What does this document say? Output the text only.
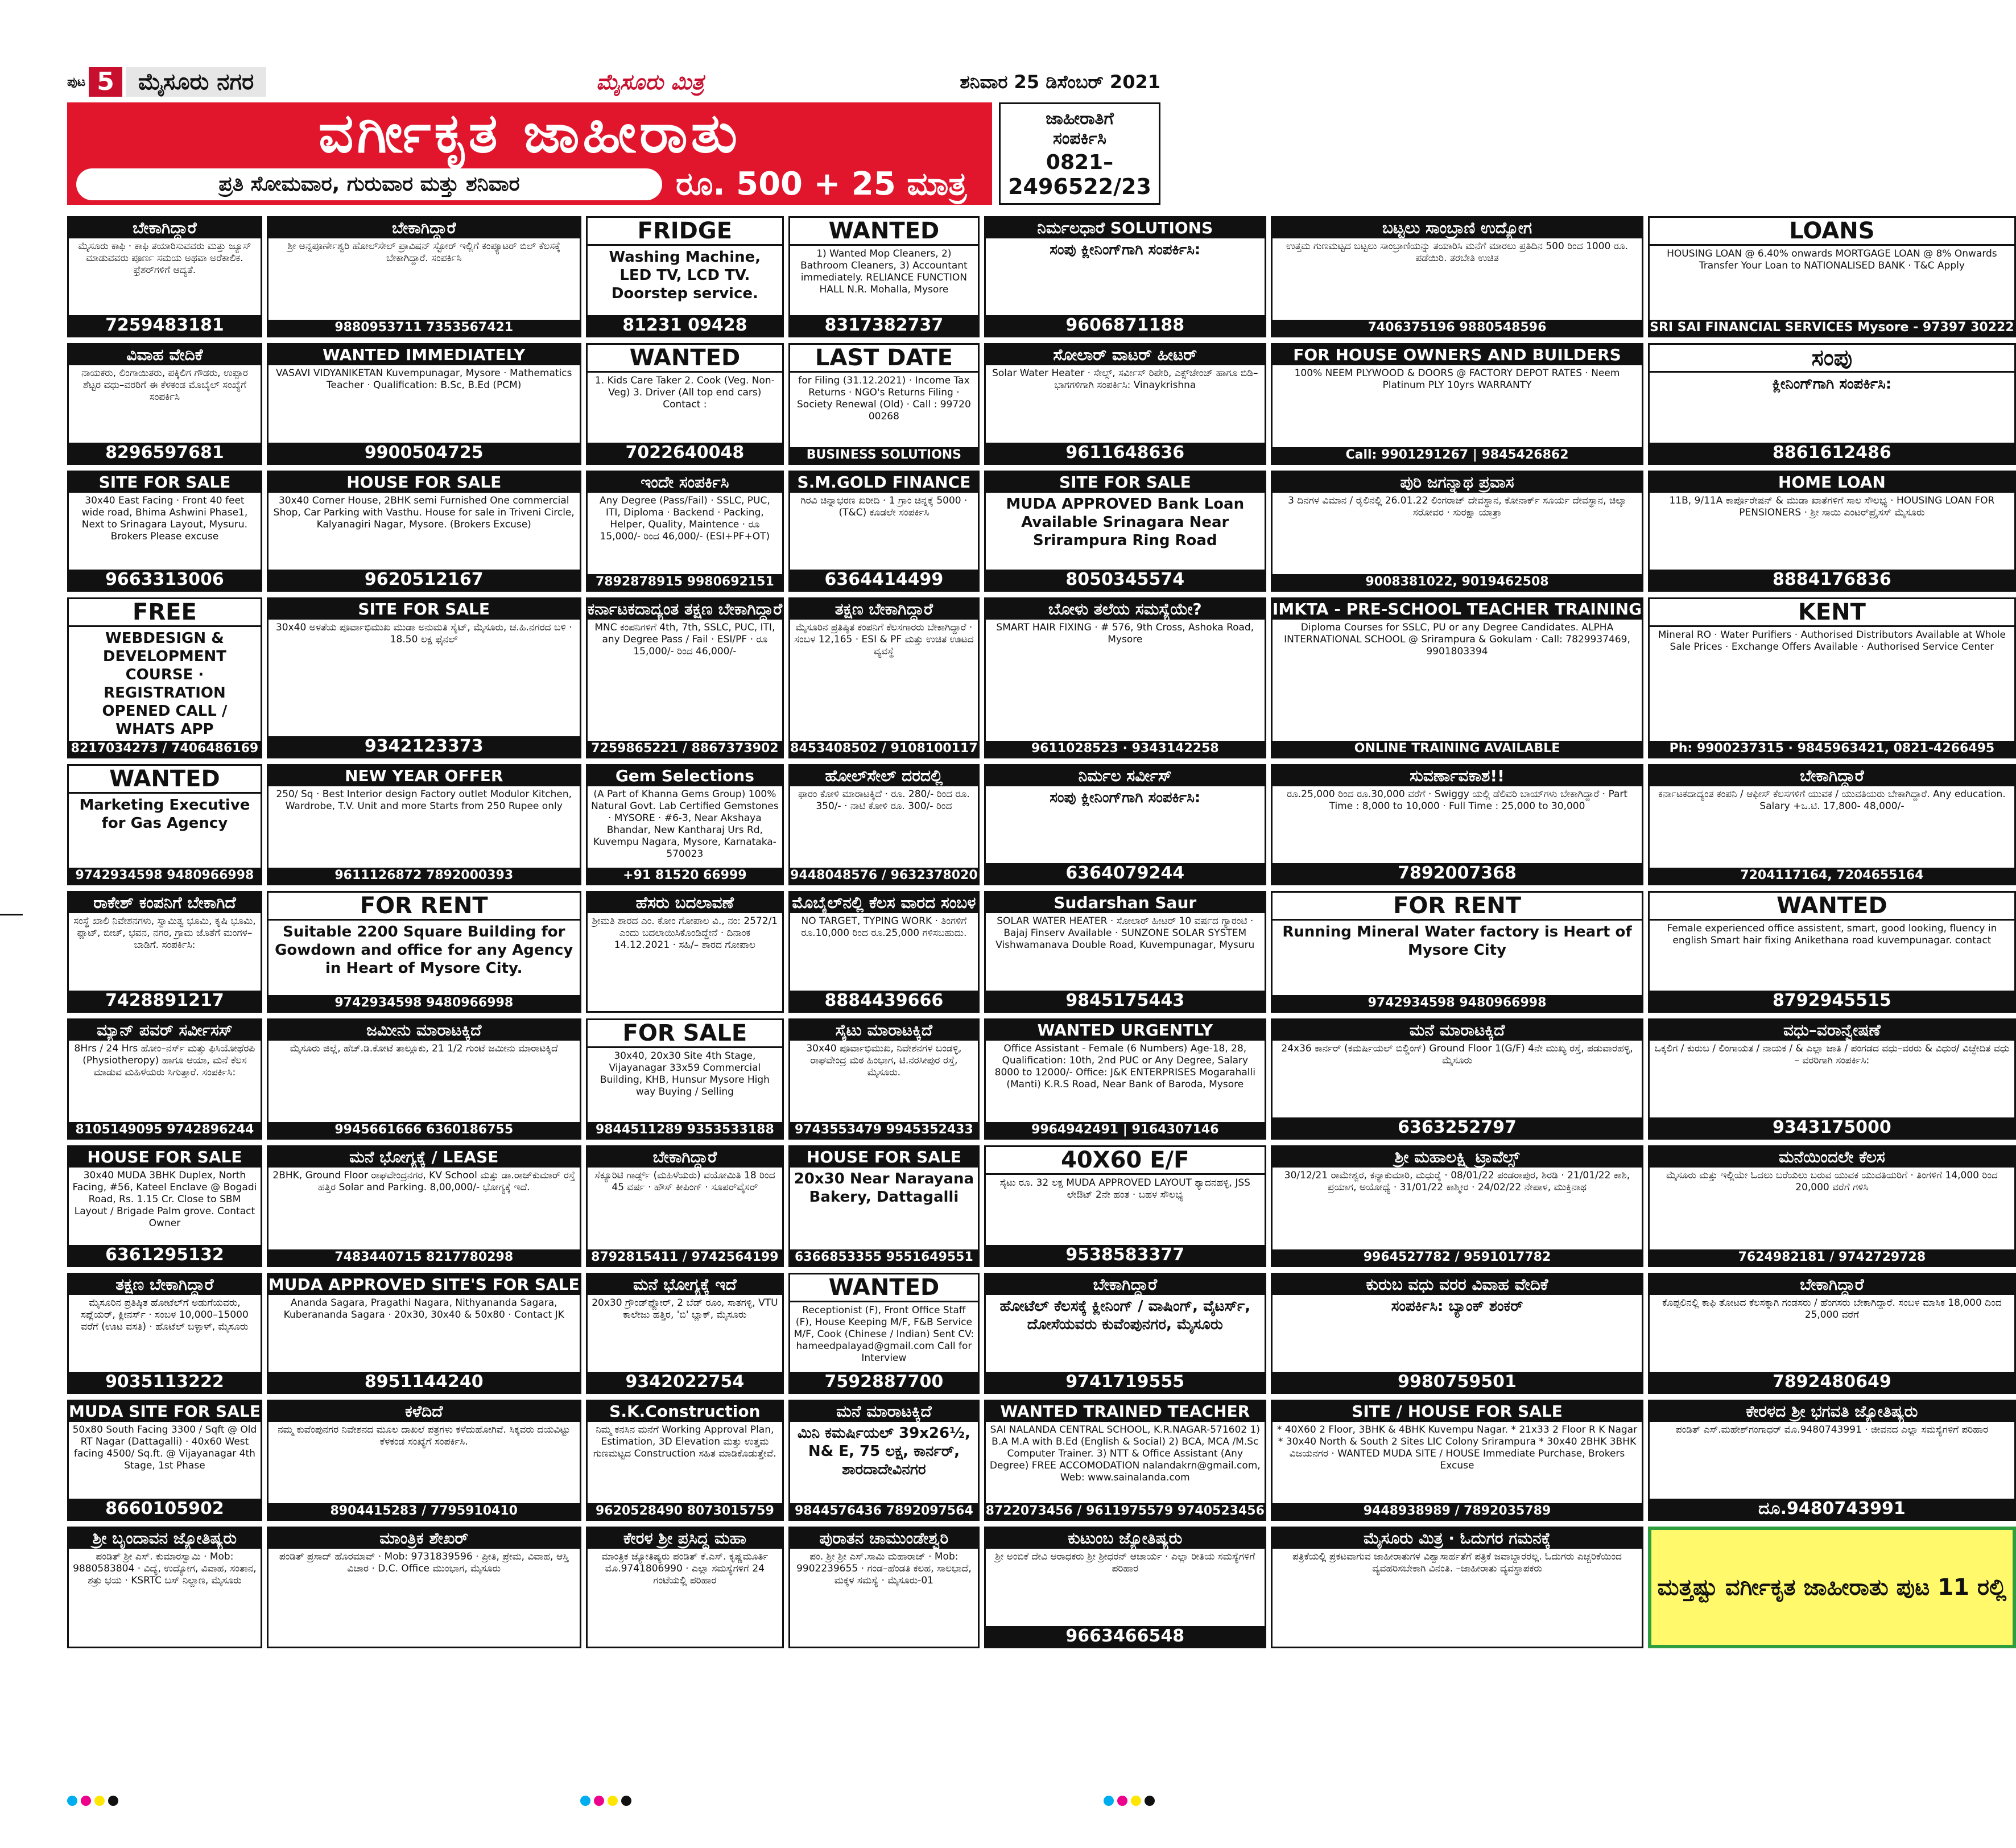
ಪುಟ 5	ಮೈಸೂರು ನಗರ	ಮೈಸೂರು ಮಿತ್ರ	ಶನಿವಾರ 25 ಡಿಸೆಂಬರ್ 2021
ವರ್ಗೀಕೃತ ಜಾಹೀರಾತು
ಪ್ರತಿ ಸೋಮವಾರ, ಗುರುವಾರ ಮತ್ತು ಶನಿವಾರ	ರೂ. 500 + 25 ಮಾತ್ರ
ಜಾಹೀರಾತಿಗೆ
ಸಂಪರ್ಕಿಸಿ
0821–
2496522/23
ಬೇಕಾಗಿದ್ದಾರೆ
ಮೈಸೂರು ಕಾಫಿ · ಕಾಫಿ ತಯಾರಿಸುವವರು ಮತ್ತು ಜ್ಯೂಸ್ ಮಾಡುವವರು ಪೂರ್ಣ ಸಮಯ ಅಥವಾ ಅರೆಕಾಲಿಕ. ಫ್ರೆಶರ್‌ಗಳಿಗೆ ಆದ್ಯತೆ.
7259483181
ಬೇಕಾಗಿದ್ದಾರೆ
ಶ್ರೀ ಅನ್ನಪೂರ್ಣೇಶ್ವರಿ ಹೋಲ್‌ಸೇಲ್ ಪ್ರಾವಿಷನ್ ಸ್ಟೋರ್ ಇಲ್ಲಿಗೆ ಕಂಪ್ಯೂಟರ್ ಬಿಲ್ ಕೆಲಸಕ್ಕೆ ಬೇಕಾಗಿದ್ದಾರೆ. ಸಂಪರ್ಕಿಸಿ
9880953711 7353567421
FRIDGE
Washing Machine, LED TV, LCD TV. Doorstep service.
81231 09428
WANTED
1) Wanted Mop Cleaners, 2) Bathroom Cleaners, 3) Accountant immediately. RELIANCE FUNCTION HALL N.R. Mohalla, Mysore
8317382737
ನಿರ್ಮಲಧಾರೆ SOLUTIONS
ಸಂಪು ಕ್ಲೀನಿಂಗ್‌ಗಾಗಿ ಸಂಪರ್ಕಿಸಿ:
9606871188
ಬಟ್ಟಲು ಸಾಂಬ್ರಾಣಿ ಉದ್ಯೋಗ
ಉತ್ತಮ ಗುಣಮಟ್ಟದ ಬಟ್ಟಲು ಸಾಂಬ್ರಾಣಿಯನ್ನು ತಯಾರಿಸಿ ಮನೆಗೆ ಮಾರಲು ಪ್ರತಿದಿನ 500 ರಿಂದ 1000 ರೂ. ಪಡೆಯಿರಿ. ತರಬೇತಿ ಉಚಿತ
7406375196 9880548596
LOANS
HOUSING LOAN @ 6.40% onwards MORTGAGE LOAN @ 8% Onwards Transfer Your Loan to NATIONALISED BANK · T&C Apply
SRI SAI FINANCIAL SERVICES Mysore - 97397 30222
ವಿವಾಹ ವೇದಿಕೆ
ನಾಯಕರು, ಲಿಂಗಾಯಿತರು, ಪಕ್ಕಿಲಿಗ ಗೌಡರು, ಉಪ್ಪಾರ ಶೆಟ್ಟರ ವಧು–ವರರಿಗೆ ಈ ಕೆಳಕಂಡ ಮೊಬೈಲ್ ಸಂಖ್ಯೆಗೆ ಸಂಪರ್ಕಿಸಿ
8296597681
WANTED IMMEDIATELY
VASAVI VIDYANIKETAN Kuvempunagar, Mysore · Mathematics Teacher · Qualification: B.Sc, B.Ed (PCM)
9900504725
WANTED
1. Kids Care Taker 2. Cook (Veg. Non-Veg) 3. Driver (All top end cars) Contact :
7022640048
LAST DATE
for Filing (31.12.2021) · Income Tax Returns · NGO's Returns Filing · Society Renewal (Old) · Call : 99720 00268
BUSINESS SOLUTIONS
ಸೋಲಾರ್ ವಾಟರ್ ಹೀಟರ್
Solar Water Heater · ಸೇಲ್ಸ್, ಸರ್ವೀಸ್ ರಿಪೇರಿ, ಎಕ್ಸ್‌ಚೇಂಜ್ ಹಾಗೂ ಬಿಡಿ–ಭಾಗಗಳಿಗಾಗಿ ಸಂಪರ್ಕಿಸಿ: Vinaykrishna
9611648636
FOR HOUSE OWNERS AND BUILDERS
100% NEEM PLYWOOD & DOORS @ FACTORY DEPOT RATES · Neem Platinum PLY 10yrs WARRANTY
Call: 9901291267 | 9845426862
ಸಂಪು
ಕ್ಲೀನಿಂಗ್‌ಗಾಗಿ ಸಂಪರ್ಕಿಸಿ:
8861612486
SITE FOR SALE
30x40 East Facing · Front 40 feet wide road, Bhima Ashwini Phase1, Next to Srinagara Layout, Mysuru. Brokers Please excuse
9663313006
HOUSE FOR SALE
30x40 Corner House, 2BHK semi Furnished One commercial Shop, Car Parking with Vasthu. House for sale in Triveni Circle, Kalyanagiri Nagar, Mysore. (Brokers Excuse)
9620512167
ಇಂದೇ ಸಂಪರ್ಕಿಸಿ
Any Degree (Pass/Fail) · SSLC, PUC, ITI, Diploma · Backend · Packing, Helper, Quality, Maintence · ರೂ 15,000/- ರಿಂದ 46,000/- (ESI+PF+OT)
7892878915 9980692151
S.M.GOLD FINANCE
ಗಿರವಿ ಚಿನ್ನಾಭರಣ ಖರೀದಿ · 1 ಗ್ರಾಂ ಚಿನ್ನಕ್ಕೆ 5000 · (T&C) ಕೂಡಲೇ ಸಂಪರ್ಕಿಸಿ
6364414499
SITE FOR SALE
MUDA APPROVED Bank Loan Available Srinagara Near Srirampura Ring Road
8050345574
ಪುರಿ ಜಗನ್ನಾಥ ಪ್ರವಾಸ
3 ದಿನಗಳ ವಿಮಾನ / ರೈಲಿನಲ್ಲಿ 26.01.22 ಲಿಂಗರಾಜ್ ದೇವಸ್ಥಾನ, ಕೋನಾರ್ಕ್ ಸೂರ್ಯ ದೇವಸ್ಥಾನ, ಚಿಲ್ಕಾ ಸರೋವರ · ಸುರಕ್ಷಾ ಯಾತ್ರಾ
9008381022, 9019462508
HOME LOAN
11B, 9/11A ಕಾರ್ಪೊರೇಷನ್ & ಮುಡಾ ಖಾತೆಗಳಿಗೆ ಸಾಲ ಸೌಲಭ್ಯ · HOUSING LOAN FOR PENSIONERS · ಶ್ರೀ ಸಾಯಿ ಎಂಟರ್‌ಪ್ರೈಸಸ್ ಮೈಸೂರು
8884176836
FREE
WEBDESIGN & DEVELOPMENT COURSE · REGISTRATION OPENED CALL / WHATS APP
8217034273 / 7406486169
SITE FOR SALE
30x40 ಅಳತೆಯ ಪೂರ್ವಾಭಿಮುಖ ಮುಡಾ ಅನುಮತಿ ಸೈಟ್, ಮೈಸೂರು, ಚ.ಹಿ.ನಗರದ ಬಳಿ · 18.50 ಲಕ್ಷ ಫೈನಲ್
9342123373
ಕರ್ನಾಟಕದಾದ್ಯಂತ ತಕ್ಷಣ ಬೇಕಾಗಿದ್ದಾರೆ
MNC ಕಂಪನಿಗಳಿಗೆ 4th, 7th, SSLC, PUC, ITI, any Degree Pass / Fail · ESI/PF · ರೂ 15,000/- ರಿಂದ 46,000/-
7259865221 / 8867373902
ತಕ್ಷಣ ಬೇಕಾಗಿದ್ದಾರೆ
ಮೈಸೂರಿನ ಪ್ರತಿಷ್ಠಿತ ಕಂಪನಿಗೆ ಕೆಲಸಗಾರರು ಬೇಕಾಗಿದ್ದಾರೆ · ಸಂಬಳ 12,165 · ESI & PF ಮತ್ತು ಉಚಿತ ಊಟದ ವ್ಯವಸ್ಥೆ
8453408502 / 9108100117
ಬೋಳು ತಲೆಯ ಸಮಸ್ಯೆಯೇ?
SMART HAIR FIXING · # 576, 9th Cross, Ashoka Road, Mysore
9611028523 · 9343142258
IMKTA - PRE-SCHOOL TEACHER TRAINING
Diploma Courses for SSLC, PU or any Degree Candidates. ALPHA INTERNATIONAL SCHOOL @ Srirampura & Gokulam · Call: 7829937469, 9901803394
ONLINE TRAINING AVAILABLE
KENT
Mineral RO · Water Purifiers · Authorised Distributors Available at Whole Sale Prices · Exchange Offers Available · Authorised Service Center
Ph: 9900237315 · 9845963421, 0821-4266495
WANTED
Marketing Executive for Gas Agency
9742934598 9480966998
NEW YEAR OFFER
250/ Sq · Best Interior design Factory outlet Modulor Kitchen, Wardrobe, T.V. Unit and more Starts from 250 Rupee only
9611126872 7892000393
Gem Selections
(A Part of Khanna Gems Group) 100% Natural Govt. Lab Certified Gemstones · MYSORE · #6-3, Near Akshaya Bhandar, New Kantharaj Urs Rd, Kuvempu Nagara, Mysore, Karnataka-570023
+91 81520 66999
ಹೋಲ್‌ಸೇಲ್ ದರದಲ್ಲಿ
ಫಾರಂ ಕೋಳಿ ಮಾರಾಟಕ್ಕಿದೆ · ರೂ. 280/- ರಿಂದ ರೂ. 350/- · ನಾಟಿ ಕೋಳಿ ರೂ. 300/- ರಿಂದ
9448048576 / 9632378020
ನಿರ್ಮಲ ಸರ್ವೀಸ್
ಸಂಪು ಕ್ಲೀನಿಂಗ್‌ಗಾಗಿ ಸಂಪರ್ಕಿಸಿ:
6364079244
ಸುವರ್ಣಾವಕಾಶ!!
ರೂ.25,000 ರಿಂದ ರೂ.30,000 ವರೆಗೆ · Swiggy ಯಲ್ಲಿ ಡೆಲಿವರಿ ಬಾಯ್‌ಗಳು ಬೇಕಾಗಿದ್ದಾರೆ · Part Time : 8,000 to 10,000 · Full Time : 25,000 to 30,000
7892007368
ಬೇಕಾಗಿದ್ದಾರೆ
ಕರ್ನಾಟಕದಾದ್ಯಂತ ಕಂಪನಿ / ಆಫೀಸ್ ಕೆಲಸಗಳಿಗೆ ಯುವಕ / ಯುವತಿಯರು ಬೇಕಾಗಿದ್ದಾರೆ. Any education. Salary +ಒ.ಟಿ. 17,800- 48,000/-
7204117164, 7204655164
ರಾಕೇಶ್ ಕಂಪನಿಗೆ ಬೇಕಾಗಿದೆ
ಸಂಸ್ಥೆ ಖಾಲಿ ನಿವೇಶನಗಳು, ಸ್ವಾಮಿತ್ವ ಭೂಮಿ, ಕೃಷಿ ಭೂಮಿ, ಪ್ಲಾಟ್, ಬೀಚ್, ಭವನ, ನಗರ, ಗ್ರಾಮ ಜೊತೆಗೆ ಮಂಗಳ–ಬಾಡಿಗೆ. ಸಂಪರ್ಕಿಸಿ:
7428891217
FOR RENT
Suitable 2200 Square Building for Gowdown and office for any Agency in Heart of Mysore City.
9742934598 9480966998
ಹೆಸರು ಬದಲಾವಣೆ
ಶ್ರೀಮತಿ ಶಾರದ ಎಂ. ಕೋಂ ಗೋಪಾಲ ವಿ., ನಂ: 2572/1 ಎಂದು ಬದಲಾಯಿಸಿಕೊಂಡಿದ್ದೇನೆ · ದಿನಾಂಕ 14.12.2021 · ಸಹಿ/– ಶಾರದ ಗೋಪಾಲ
ಮೊಬೈಲ್‌ನಲ್ಲಿ ಕೆಲಸ ವಾರದ ಸಂಬಳ
NO TARGET, TYPING WORK · ತಿಂಗಳಿಗೆ ರೂ.10,000 ರಿಂದ ರೂ.25,000 ಗಳಿಸಬಹುದು.
8884439666
Sudarshan Saur
SOLAR WATER HEATER · ಸೋಲಾರ್ ಹೀಟರ್ 10 ವರ್ಷದ ಗ್ಯಾರಂಟಿ · Bajaj Finserv Available · SUNZONE SOLAR SYSTEM Vishwamanava Double Road, Kuvempunagar, Mysuru
9845175443
FOR RENT
Running Mineral Water factory is Heart of Mysore City
9742934598 9480966998
WANTED
Female experienced office assistent, smart, good looking, fluency in english Smart hair fixing Anikethana road kuvempunagar. contact
8792945515
ಮ್ಯಾನ್ ಪವರ್ ಸರ್ವೀಸಸ್
8Hrs / 24 Hrs ಹೋಂ–ನರ್ಸ್ ಮತ್ತು ಫಿಸಿಯೋಥೆರಪಿ (Physiotheropy) ಹಾಗೂ ಆಯಾ, ಮನೆ ಕೆಲಸ ಮಾಡುವ ಮಹಿಳೆಯರು ಸಿಗುತ್ತಾರೆ. ಸಂಪರ್ಕಿಸಿ:
8105149095 9742896244
ಜಮೀನು ಮಾರಾಟಕ್ಕಿದೆ
ಮೈಸೂರು ಜಿಲ್ಲೆ, ಹೆಚ್.ಡಿ.ಕೋಟೆ ತಾಲ್ಲೂಕು, 21 1/2 ಗುಂಟೆ ಜಮೀನು ಮಾರಾಟಕ್ಕಿದೆ
9945661666 6360186755
FOR SALE
30x40, 20x30 Site 4th Stage, Vijayanagar 33x59 Commercial Building, KHB, Hunsur Mysore High way Buying / Selling
9844511289 9353533188
ಸೈಟು ಮಾರಾಟಕ್ಕಿದೆ
30x40 ಪೂರ್ವಾಭಿಮುಖ, ನಿವೇಶನಗಳ ಬಂಡಳ್ಳಿ, ರಾಘವೇಂದ್ರ ಮಠ ಹಿಂಭಾಗ, ಟಿ.ನರಸೀಪುರ ರಸ್ತೆ, ಮೈಸೂರು.
9743553479 9945352433
WANTED URGENTLY
Office Assistant - Female (6 Numbers) Age-18, 28, Qualification: 10th, 2nd PUC or Any Degree, Salary 8000 to 12000/- Office: J&K ENTERPRISES Mogarahalli (Manti) K.R.S Road, Near Bank of Baroda, Mysore
9964942491 | 9164307146
ಮನೆ ಮಾರಾಟಕ್ಕಿದೆ
24x36 ಕಾರ್ನರ್ (ಕಮರ್ಷಿಯಲ್ ಬಿಲ್ಡಿಂಗ್) Ground Floor 1(G/F) 4ನೇ ಮುಖ್ಯ ರಸ್ತೆ, ಪಡುವಾರಹಳ್ಳಿ, ಮೈಸೂರು
6363252797
ವಧು–ವರಾನ್ವೇಷಣೆ
ಒಕ್ಕಲಿಗ / ಕುರುಬ / ಲಿಂಗಾಯತ / ನಾಯಕ / & ಎಲ್ಲಾ ಜಾತಿ / ಪಂಗಡದ ವಧು–ವರರು & ವಿಧುರ/ ವಿಚ್ಛೇದಿತ ವಧು – ವರರಿಗಾಗಿ ಸಂಪರ್ಕಿಸಿ:
9343175000
HOUSE FOR SALE
30x40 MUDA 3BHK Duplex, North Facing, #56, Kateel Enclave @ Bogadi Road, Rs. 1.15 Cr. Close to SBM Layout / Brigade Palm grove. Contact Owner
6361295132
ಮನೆ ಭೋಗ್ಯಕ್ಕೆ / LEASE
2BHK, Ground Floor ರಾಘವೇಂದ್ರನಗರ, KV School ಮತ್ತು ಡಾ.ರಾಜ್‌ಕುಮಾರ್ ರಸ್ತೆ ಹತ್ತಿರ Solar and Parking. 8,00,000/- ಭೋಗ್ಯಕ್ಕೆ ಇದೆ.
7483440715 8217780298
ಬೇಕಾಗಿದ್ದಾರೆ
ಸೆಕ್ಯೂರಿಟಿ ಗಾರ್ಡ್ಸ್ (ಮಹಿಳೆಯರು) ವಯೋಮಿತಿ 18 ರಿಂದ 45 ವರ್ಷ · ಹೌಸ್ ಕೀಪಿಂಗ್ · ಸೂಪರ್‌ವೈಸರ್
8792815411 / 9742564199
HOUSE FOR SALE
20x30 Near Narayana Bakery, Dattagalli
6366853355 9551649551
40X60 E/F
ಸೈಟು ರೂ. 32 ಲಕ್ಷ MUDA APPROVED LAYOUT ಶ್ಯಾದನಹಳ್ಳಿ, JSS ಲೇಔಟ್ 2ನೇ ಹಂತ · ಬಹಳ ಸೌಲಭ್ಯ
9538583377
ಶ್ರೀ ಮಹಾಲಕ್ಷ್ಮಿ ಟ್ರಾವೆಲ್ಸ್
30/12/21 ರಾಮೇಶ್ವರ, ಕನ್ಯಾಕುಮಾರಿ, ಮಧುರೈ · 08/01/22 ಪಂಡರಾಪುರ, ಶಿರಡಿ · 21/01/22 ಕಾಶಿ, ಪ್ರಯಾಗ, ಅಯೋಧ್ಯೆ · 31/01/22 ಕಾಶ್ಮೀರ · 24/02/22 ನೇಪಾಳ, ಮುಕ್ತಿನಾಥ
9964527782 / 9591017782
ಮನೆಯಿಂದಲೇ ಕೆಲಸ
ಮೈಸೂರು ಮತ್ತು ಇಲ್ಲಿಯೇ ಓದಲು ಬರೆಯಲು ಬರುವ ಯುವಕ ಯುವತಿಯರಿಗೆ · ತಿಂಗಳಿಗೆ 14,000 ರಿಂದ 20,000 ವರೆಗೆ ಗಳಿಸಿ
7624982181 / 9742729728
ತಕ್ಷಣ ಬೇಕಾಗಿದ್ದಾರೆ
ಮೈಸೂರಿನ ಪ್ರತಿಷ್ಠಿತ ಹೋಟೆಲ್‌ಗೆ ಅಡುಗೆಯವರು, ಸಪ್ಲೆಯರ್, ಕ್ಲೀನರ್ಸ್ · ಸಂಬಳ 10,000–15000 ವರೆಗೆ (ಊಟ ವಸತಿ) · ಹೊಟೆಲ್ ಬಳ್ಳಾಳ್, ಮೈಸೂರು
9035113222
MUDA APPROVED SITE'S FOR SALE
Ananda Sagara, Pragathi Nagara, Nithyananda Sagara, Kuberananda Sagara · 20x30, 30x40 & 50x80 · Contact JK
8951144240
ಮನೆ ಭೋಗ್ಯಕ್ಕೆ ಇದೆ
20x30 ಗ್ರೌಂಡ್‌ಫ್ಲೋರ್, 2 ಬೆಡ್ ರೂಂ, ಸಾತಗಳ್ಳಿ, VTU ಕಾಲೇಜು ಹತ್ತಿರ, 'ಬಿ' ಬ್ಲಾಕ್, ಮೈಸೂರು
9342022754
WANTED
Receptionist (F), Front Office Staff (F), House Keeping M/F, F&B Service M/F, Cook (Chinese / Indian) Sent CV: hameedpalayad@gmail.com Call for Interview
7592887700
ಬೇಕಾಗಿದ್ದಾರೆ
ಹೋಟೆಲ್ ಕೆಲಸಕ್ಕೆ ಕ್ಲೀನಿಂಗ್ / ವಾಷಿಂಗ್, ವೈಟರ್ಸ್, ದೋಸೆಯವರು ಕುವೆಂಪುನಗರ, ಮೈಸೂರು
9741719555
ಕುರುಬ ವಧು ವರರ ವಿವಾಹ ವೇದಿಕೆ
ಸಂಪರ್ಕಿಸಿ: ಬ್ಯಾಂಕ್ ಶಂಕರ್
9980759501
ಬೇಕಾಗಿದ್ದಾರೆ
ಕೊಪ್ಪಲಿನಲ್ಲಿ ಕಾಫಿ ತೋಟದ ಕೆಲಸಕ್ಕಾಗಿ ಗಂಡಸರು / ಹೆಂಗಸರು ಬೇಕಾಗಿದ್ದಾರೆ. ಸಂಬಳ ಮಾಸಿಕ 18,000 ದಿಂದ 25,000 ವರೆಗೆ
7892480649
MUDA SITE FOR SALE
50x80 South Facing 3300 / Sqft @ Old RT Nagar (Dattagalli) · 40x60 West facing 4500/ Sq.ft. @ Vijayanagar 4th Stage, 1st Phase
8660105902
ಕಳೆದಿದೆ
ನಮ್ಮ ಕುವೆಂಪುನಗರ ನಿವೇಶನದ ಮೂಲ ದಾಖಲೆ ಪತ್ರಗಳು ಕಳೆದುಹೋಗಿವೆ. ಸಿಕ್ಕವರು ದಯವಿಟ್ಟು ಕೆಳಕಂಡ ಸಂಖ್ಯೆಗೆ ಸಂಪರ್ಕಿಸಿ.
8904415283 / 7795910410
S.K.Construction
ನಿಮ್ಮ ಕನಸಿನ ಮನೆಗೆ Working Approval Plan, Estimation, 3D Elevation ಮತ್ತು ಉತ್ತಮ ಗುಣಮಟ್ಟದ Construction ಸಹಿತ ಮಾಡಿಕೊಡುತ್ತೇವೆ.
9620528490 8073015759
ಮನೆ ಮಾರಾಟಕ್ಕಿದೆ
ಮಿನಿ ಕಮರ್ಷಿಯಲ್ 39x26½, N& E, 75 ಲಕ್ಷ, ಕಾರ್ನರ್, ಶಾರದಾದೇವಿನಗರ
9844576436 7892097564
WANTED TRAINED TEACHER
SAI NALANDA CENTRAL SCHOOL, K.R.NAGAR-571602 1) B.A M.A with B.Ed (English & Social) 2) BCA, MCA /M.Sc Computer Trainer. 3) NTT & Office Assistant (Any Degree) FREE ACCOMODATION nalandakrn@gmail.com, Web: www.sainalanda.com
8722073456 / 9611975579 9740523456
SITE / HOUSE FOR SALE
* 40X60 2 Floor, 3BHK & 4BHK Kuvempu Nagar. * 21x33 2 Floor R K Nagar * 30x40 North & South 2 Sites LIC Colony Srirampura * 30x40 2BHK 3BHK ವಿಜಯನಗರ · WANTED MUDA SITE / HOUSE Immediate Purchase, Brokers Excuse
9448938989 / 7892035789
ಕೇರಳದ ಶ್ರೀ ಭಗವತಿ ಜ್ಯೋತಿಷ್ಯರು
ಪಂಡಿತ್ ಎಸ್.ಮಹೇಶ್‌ಗಂಗಾಧರ್ ಮೊ.9480743991 · ಜೀವನದ ಎಲ್ಲಾ ಸಮಸ್ಯೆಗಳಿಗೆ ಪರಿಹಾರ
ದೂ.9480743991
ಶ್ರೀ ಬೃಂದಾವನ ಜ್ಯೋತಿಷ್ಯರು
ಪಂಡಿತ್ ಶ್ರೀ ಎಸ್. ಕುಮಾರಸ್ವಾಮಿ · Mob: 9880583804 · ವಿದ್ಯೆ, ಉದ್ಯೋಗ, ವಿವಾಹ, ಸಂತಾನ, ಶತ್ರು ಭಯ · KSRTC ಬಸ್ ನಿಲ್ದಾಣ, ಮೈಸೂರು
ಮಾಂತ್ರಿಕ ಶೇಖರ್
ಪಂಡಿತ್ ಪ್ರಸಾದ್ ಹೊರಮಾವ್ · Mob: 9731839596 · ಪ್ರೀತಿ, ಪ್ರೇಮ, ವಿವಾಹ, ಆಸ್ತಿ ವಿಚಾರ · D.C. Office ಮುಂಭಾಗ, ಮೈಸೂರು
ಕೇರಳ ಶ್ರೀ ಪ್ರಸಿದ್ಧ ಮಹಾ
ಮಾಂತ್ರಿಕ ಜ್ಯೋತಿಷ್ಯರು ಪಂಡಿತ್ ಕೆ.ಎಸ್. ಕೃಷ್ಣಮೂರ್ತಿ ಮೊ.9741806990 · ಎಲ್ಲಾ ಸಮಸ್ಯೆಗಳಿಗೆ 24 ಗಂಟೆಯಲ್ಲಿ ಪರಿಹಾರ
ಪುರಾತನ ಚಾಮುಂಡೇಶ್ವರಿ
ಪಂ. ಶ್ರೀ ಶ್ರೀ ಎಸ್.ಸಾಮಿ ಮಹಾರಾಜ್ · Mob: 9902239655 · ಗಂಡ–ಹೆಂಡತಿ ಕಲಹ, ಸಾಲಭಾದೆ, ಮಕ್ಕಳ ಸಮಸ್ಯೆ · ಮೈಸೂರು-01
ಕುಟುಂಬ ಜ್ಯೋತಿಷ್ಯರು
ಶ್ರೀ ಅಂಬಿಕೆ ದೇವಿ ಆರಾಧಕರು ಶ್ರೀ ಶ್ರೀಧರನ್ ಆಚಾರ್ಯ · ಎಲ್ಲಾ ರೀತಿಯ ಸಮಸ್ಯೆಗಳಿಗೆ ಪರಿಹಾರ
9663466548
ಮೈಸೂರು ಮಿತ್ರ · ಓದುಗರ ಗಮನಕ್ಕೆ
ಪತ್ರಿಕೆಯಲ್ಲಿ ಪ್ರಕಟವಾಗುವ ಜಾಹೀರಾತುಗಳ ವಿಶ್ವಾಸಾರ್ಹತೆಗೆ ಪತ್ರಿಕೆ ಜವಾಬ್ದಾರರಲ್ಲ. ಓದುಗರು ಎಚ್ಚರಿಕೆಯಿಂದ ವ್ಯವಹರಿಸಬೇಕಾಗಿ ವಿನಂತಿ. –ಜಾಹೀರಾತು ವ್ಯವಸ್ಥಾಪಕರು
ಮತ್ತಷ್ಟು ವರ್ಗೀಕೃತ ಜಾಹೀರಾತು ಪುಟ 11 ರಲ್ಲಿ
